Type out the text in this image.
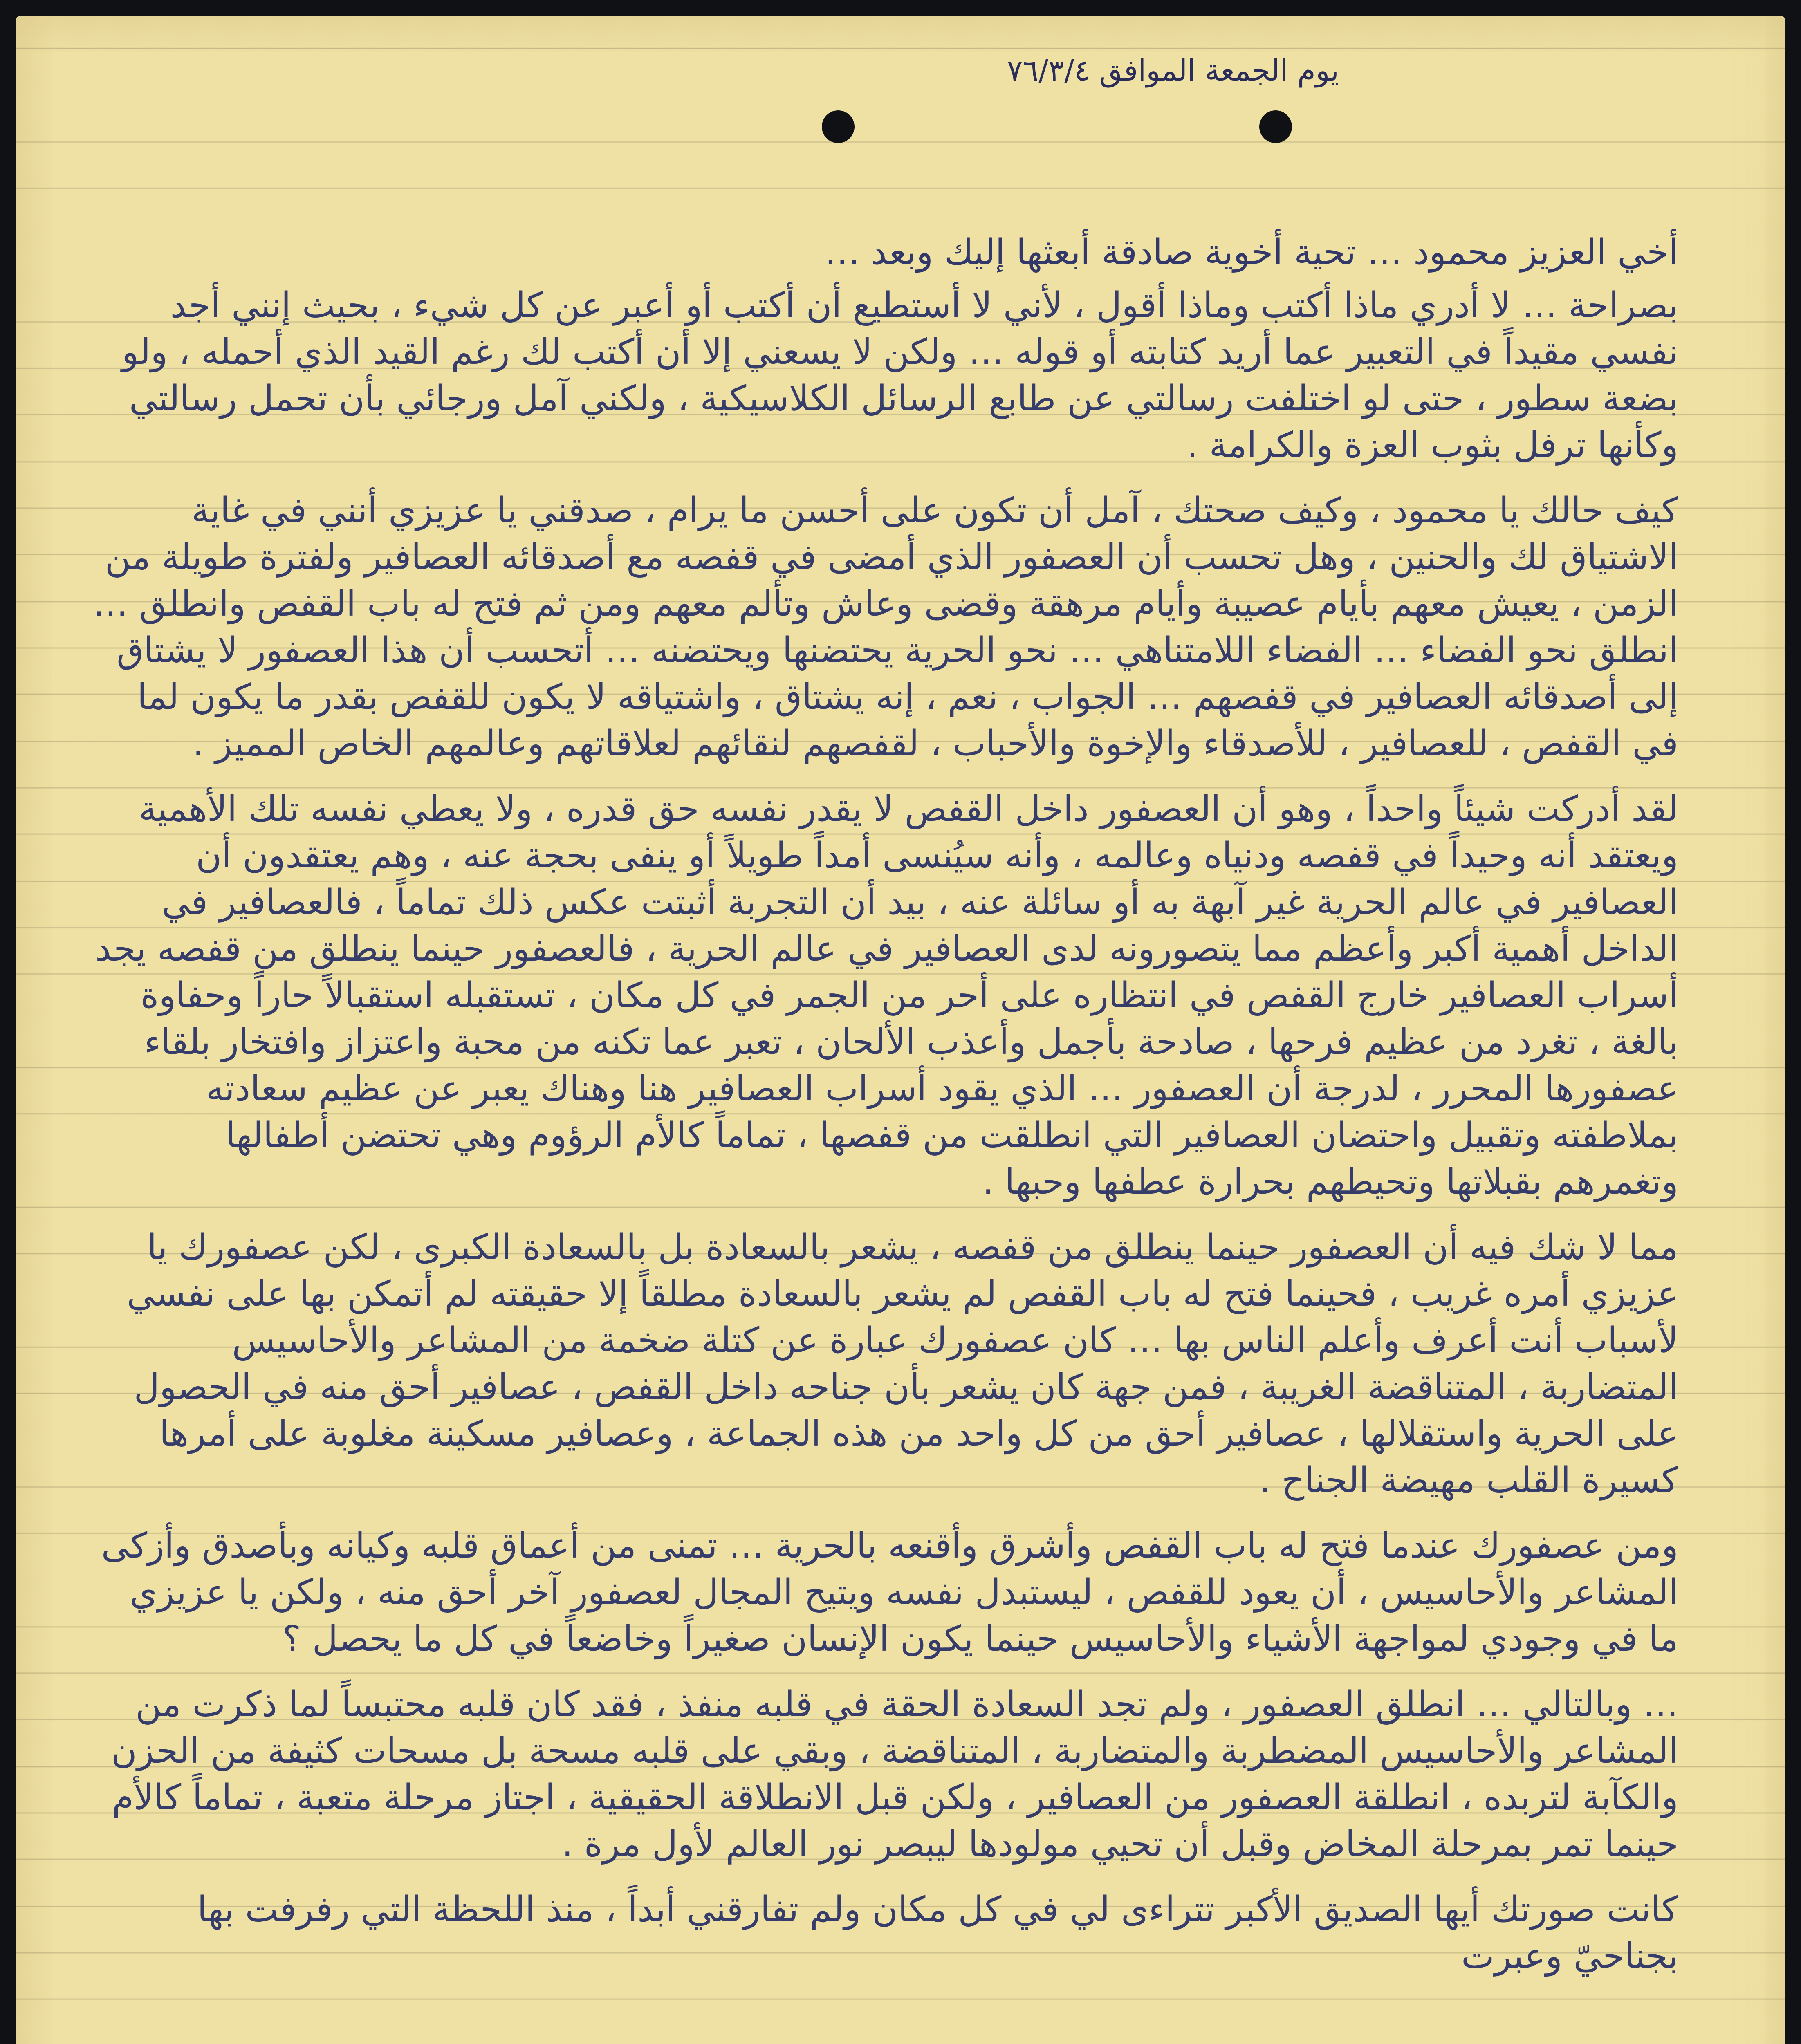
يوم الجمعة الموافق ٧٦/٣/٤
أخي العزيز محمود … تحية أخوية صادقة أبعثها إليك وبعد …

بصراحة … لا أدري ماذا أكتب وماذا أقول ، لأني لا أستطيع أن أكتب أو أعبر عن كل شيء ، بحيث إنني أجد نفسي مقيداً في التعبير عما أريد كتابته أو قوله … ولكن لا يسعني إلا أن أكتب لك رغم القيد الذي أحمله ، ولو بضعة سطور ، حتى لو اختلفت رسالتي عن طابع الرسائل الكلاسيكية ، ولكني آمل ورجائي بأن تحمل رسالتي وكأنها ترفل بثوب العزة والكرامة .

كيف حالك يا محمود ، وكيف صحتك ، آمل أن تكون على أحسن ما يرام ، صدقني يا عزيزي أنني في غاية الاشتياق لك والحنين ، وهل تحسب أن العصفور الذي أمضى في قفصه مع أصدقائه العصافير ولفترة طويلة من الزمن ، يعيش معهم بأيام عصيبة وأيام مرهقة وقضى وعاش وتألم معهم ومن ثم فتح له باب القفص وانطلق … انطلق نحو الفضاء … الفضاء اللامتناهي … نحو الحرية يحتضنها ويحتضنه … أتحسب أن هذا العصفور لا يشتاق إلى أصدقائه العصافير في قفصهم … الجواب ، نعم ، إنه يشتاق ، واشتياقه لا يكون للقفص بقدر ما يكون لما في القفص ، للعصافير ، للأصدقاء والإخوة والأحباب ، لقفصهم لنقائهم لعلاقاتهم وعالمهم الخاص المميز .

لقد أدركت شيئاً واحداً ، وهو أن العصفور داخل القفص لا يقدر نفسه حق قدره ، ولا يعطي نفسه تلك الأهمية ويعتقد أنه وحيداً في قفصه ودنياه وعالمه ، وأنه سيُنسى أمداً طويلاً أو ينفى بحجة عنه ، وهم يعتقدون أن العصافير في عالم الحرية غير آبهة به أو سائلة عنه ، بيد أن التجربة أثبتت عكس ذلك تماماً ، فالعصافير في الداخل أهمية أكبر وأعظم مما يتصورونه لدى العصافير في عالم الحرية ، فالعصفور حينما ينطلق من قفصه يجد أسراب العصافير خارج القفص في انتظاره على أحر من الجمر في كل مكان ، تستقبله استقبالاً حاراً وحفاوة بالغة ، تغرد من عظيم فرحها ، صادحة بأجمل وأعذب الألحان ، تعبر عما تكنه من محبة واعتزاز وافتخار بلقاء عصفورها المحرر ، لدرجة أن العصفور … الذي يقود أسراب العصافير هنا وهناك يعبر عن عظيم سعادته بملاطفته وتقبيل واحتضان العصافير التي انطلقت من قفصها ، تماماً كالأم الرؤوم وهي تحتضن أطفالها وتغمرهم بقبلاتها وتحيطهم بحرارة عطفها وحبها .

مما لا شك فيه أن العصفور حينما ينطلق من قفصه ، يشعر بالسعادة بل بالسعادة الكبرى ، لكن عصفورك يا عزيزي أمره غريب ، فحينما فتح له باب القفص لم يشعر بالسعادة مطلقاً إلا حقيقته لم أتمكن بها على نفسي لأسباب أنت أعرف وأعلم الناس بها … كان عصفورك عبارة عن كتلة ضخمة من المشاعر والأحاسيس المتضاربة ، المتناقضة الغريبة ، فمن جهة كان يشعر بأن جناحه داخل القفص ، عصافير أحق منه في الحصول على الحرية واستقلالها ، عصافير أحق من كل واحد من هذه الجماعة ، وعصافير مسكينة مغلوبة على أمرها كسيرة القلب مهيضة الجناح .

ومن عصفورك عندما فتح له باب القفص وأشرق وأقنعه بالحرية … تمنى من أعماق قلبه وكيانه وبأصدق وأزكى المشاعر والأحاسيس ، أن يعود للقفص ، ليستبدل نفسه ويتيح المجال لعصفور آخر أحق منه ، ولكن يا عزيزي ما في وجودي لمواجهة الأشياء والأحاسيس حينما يكون الإنسان صغيراً وخاضعاً في كل ما يحصل ؟

… وبالتالي … انطلق العصفور ، ولم تجد السعادة الحقة في قلبه منفذ ، فقد كان قلبه محتبساً لما ذكرت من المشاعر والأحاسيس المضطربة والمتضاربة ، المتناقضة ، وبقي على قلبه مسحة بل مسحات كثيفة من الحزن والكآبة لتربده ، انطلقة العصفور من العصافير ، ولكن قبل الانطلاقة الحقيقية ، اجتاز مرحلة متعبة ، تماماً كالأم حينما تمر بمرحلة المخاض وقبل أن تحيي مولودها ليبصر نور العالم لأول مرة .

كانت صورتك أيها الصديق الأكبر تتراءى لي في كل مكان ولم تفارقني أبداً ، منذ اللحظة التي رفرفت بها بجناحيّ وعبرت
